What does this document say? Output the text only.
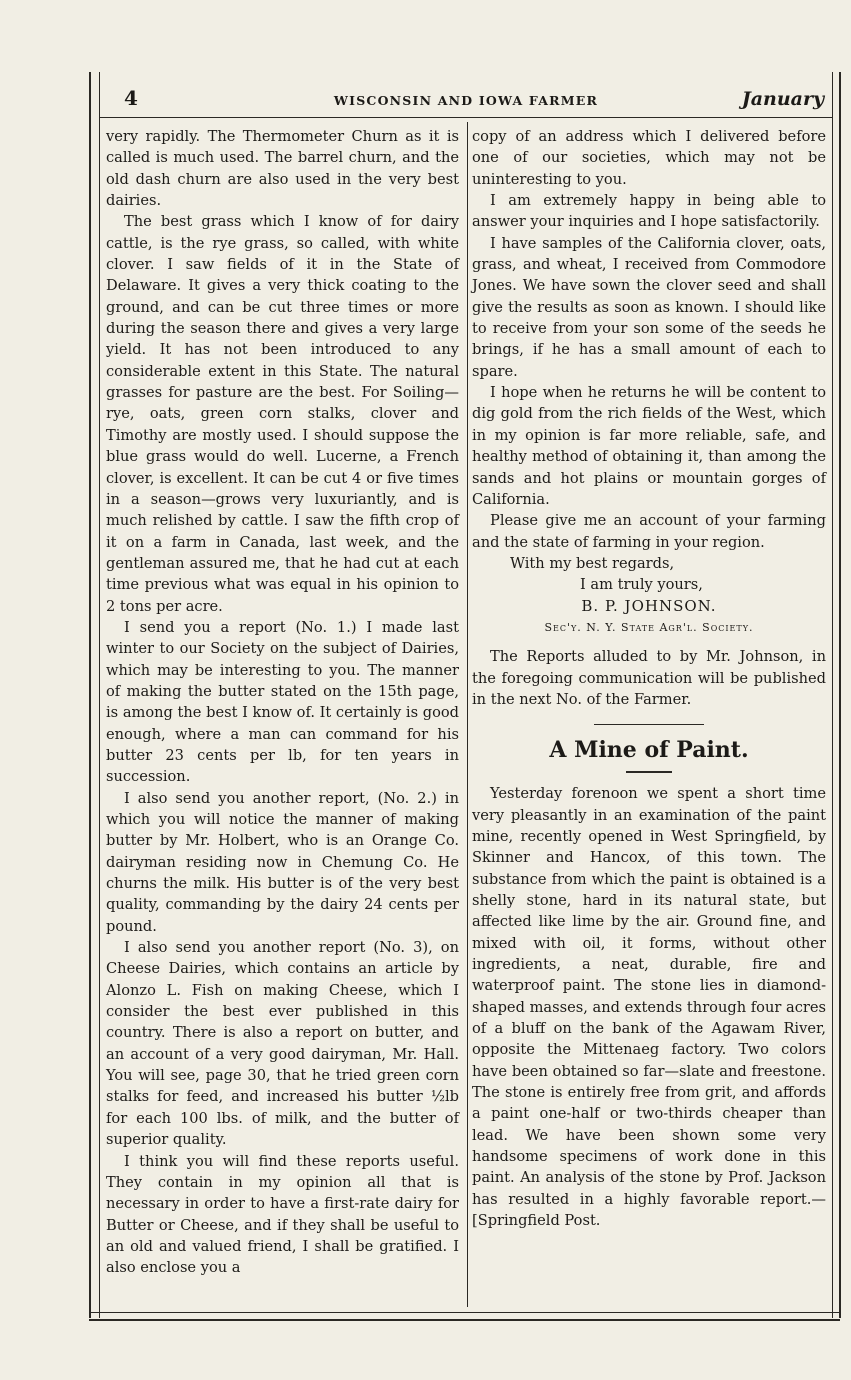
4	WISCONSIN AND IOWA FARMER	January

very rapidly. The Thermometer Churn as it is called is much used. The barrel churn, and the old dash churn are also used in the very best dairies.

The best grass which I know of for dairy cattle, is the rye grass, so called, with white clover. I saw fields of it in the State of Delaware. It gives a very thick coating to the ground, and can be cut three times or more during the season there and gives a very large yield. It has not been introduced to any considerable extent in this State. The natural grasses for pasture are the best. For Soiling—rye, oats, green corn stalks, clover and Timothy are mostly used. I should suppose the blue grass would do well. Lucerne, a French clover, is excellent. It can be cut 4 or five times in a season—grows very luxuriantly, and is much relished by cattle. I saw the fifth crop of it on a farm in Canada, last week, and the gentleman assured me, that he had cut at each time previous what was equal in his opinion to 2 tons per acre.

I send you a report (No. 1.) I made last winter to our Society on the subject of Dairies, which may be interesting to you. The manner of making the butter stated on the 15th page, is among the best I know of. It certainly is good enough, where a man can command for his butter 23 cents per lb, for ten years in succession.

I also send you another report, (No. 2.) in which you will notice the manner of making butter by Mr. Holbert, who is an Orange Co. dairyman residing now in Chemung Co. He churns the milk. His butter is of the very best quality, commanding by the dairy 24 cents per pound.

I also send you another report (No. 3), on Cheese Dairies, which contains an article by Alonzo L. Fish on making Cheese, which I consider the best ever published in this country. There is also a report on butter, and an account of a very good dairyman, Mr. Hall. You will see, page 30, that he tried green corn stalks for feed, and increased his butter ½lb for each 100 lbs. of milk, and the butter of superior quality.

I think you will find these reports useful. They contain in my opinion all that is necessary in order to have a first-rate dairy for Butter or Cheese, and if they shall be useful to an old and valued friend, I shall be gratified. I also enclose you a

copy of an address which I delivered before one of our societies, which may not be uninteresting to you.

I am extremely happy in being able to answer your inquiries and I hope satisfactorily.

I have samples of the California clover, oats, grass, and wheat, I received from Commodore Jones. We have sown the clover seed and shall give the results as soon as known. I should like to receive from your son some of the seeds he brings, if he has a small amount of each to spare.

I hope when he returns he will be content to dig gold from the rich fields of the West, which in my opinion is far more reliable, safe, and healthy method of obtaining it, than among the sands and hot plains or mountain gorges of California.

Please give me an account of your farming and the state of farming in your region.

With my best regards,

I am truly yours,

B. P. JOHNSON.

Sec'y. N. Y. State Agr'l. Society.

The Reports alluded to by Mr. Johnson, in the foregoing communication will be published in the next No. of the Farmer.

A Mine of Paint.

Yesterday forenoon we spent a short time very pleasantly in an examination of the paint mine, recently opened in West Springfield, by Skinner and Hancox, of this town. The substance from which the paint is obtained is a shelly stone, hard in its natural state, but affected like lime by the air. Ground fine, and mixed with oil, it forms, without other ingredients, a neat, durable, fire and waterproof paint. The stone lies in diamond-shaped masses, and extends through four acres of a bluff on the bank of the Agawam River, opposite the Mittenaeg factory. Two colors have been obtained so far—slate and freestone. The stone is entirely free from grit, and affords a paint one-half or two-thirds cheaper than lead. We have been shown some very handsome specimens of work done in this paint. An analysis of the stone by Prof. Jackson has resulted in a highly favorable report.—[Springfield Post.
